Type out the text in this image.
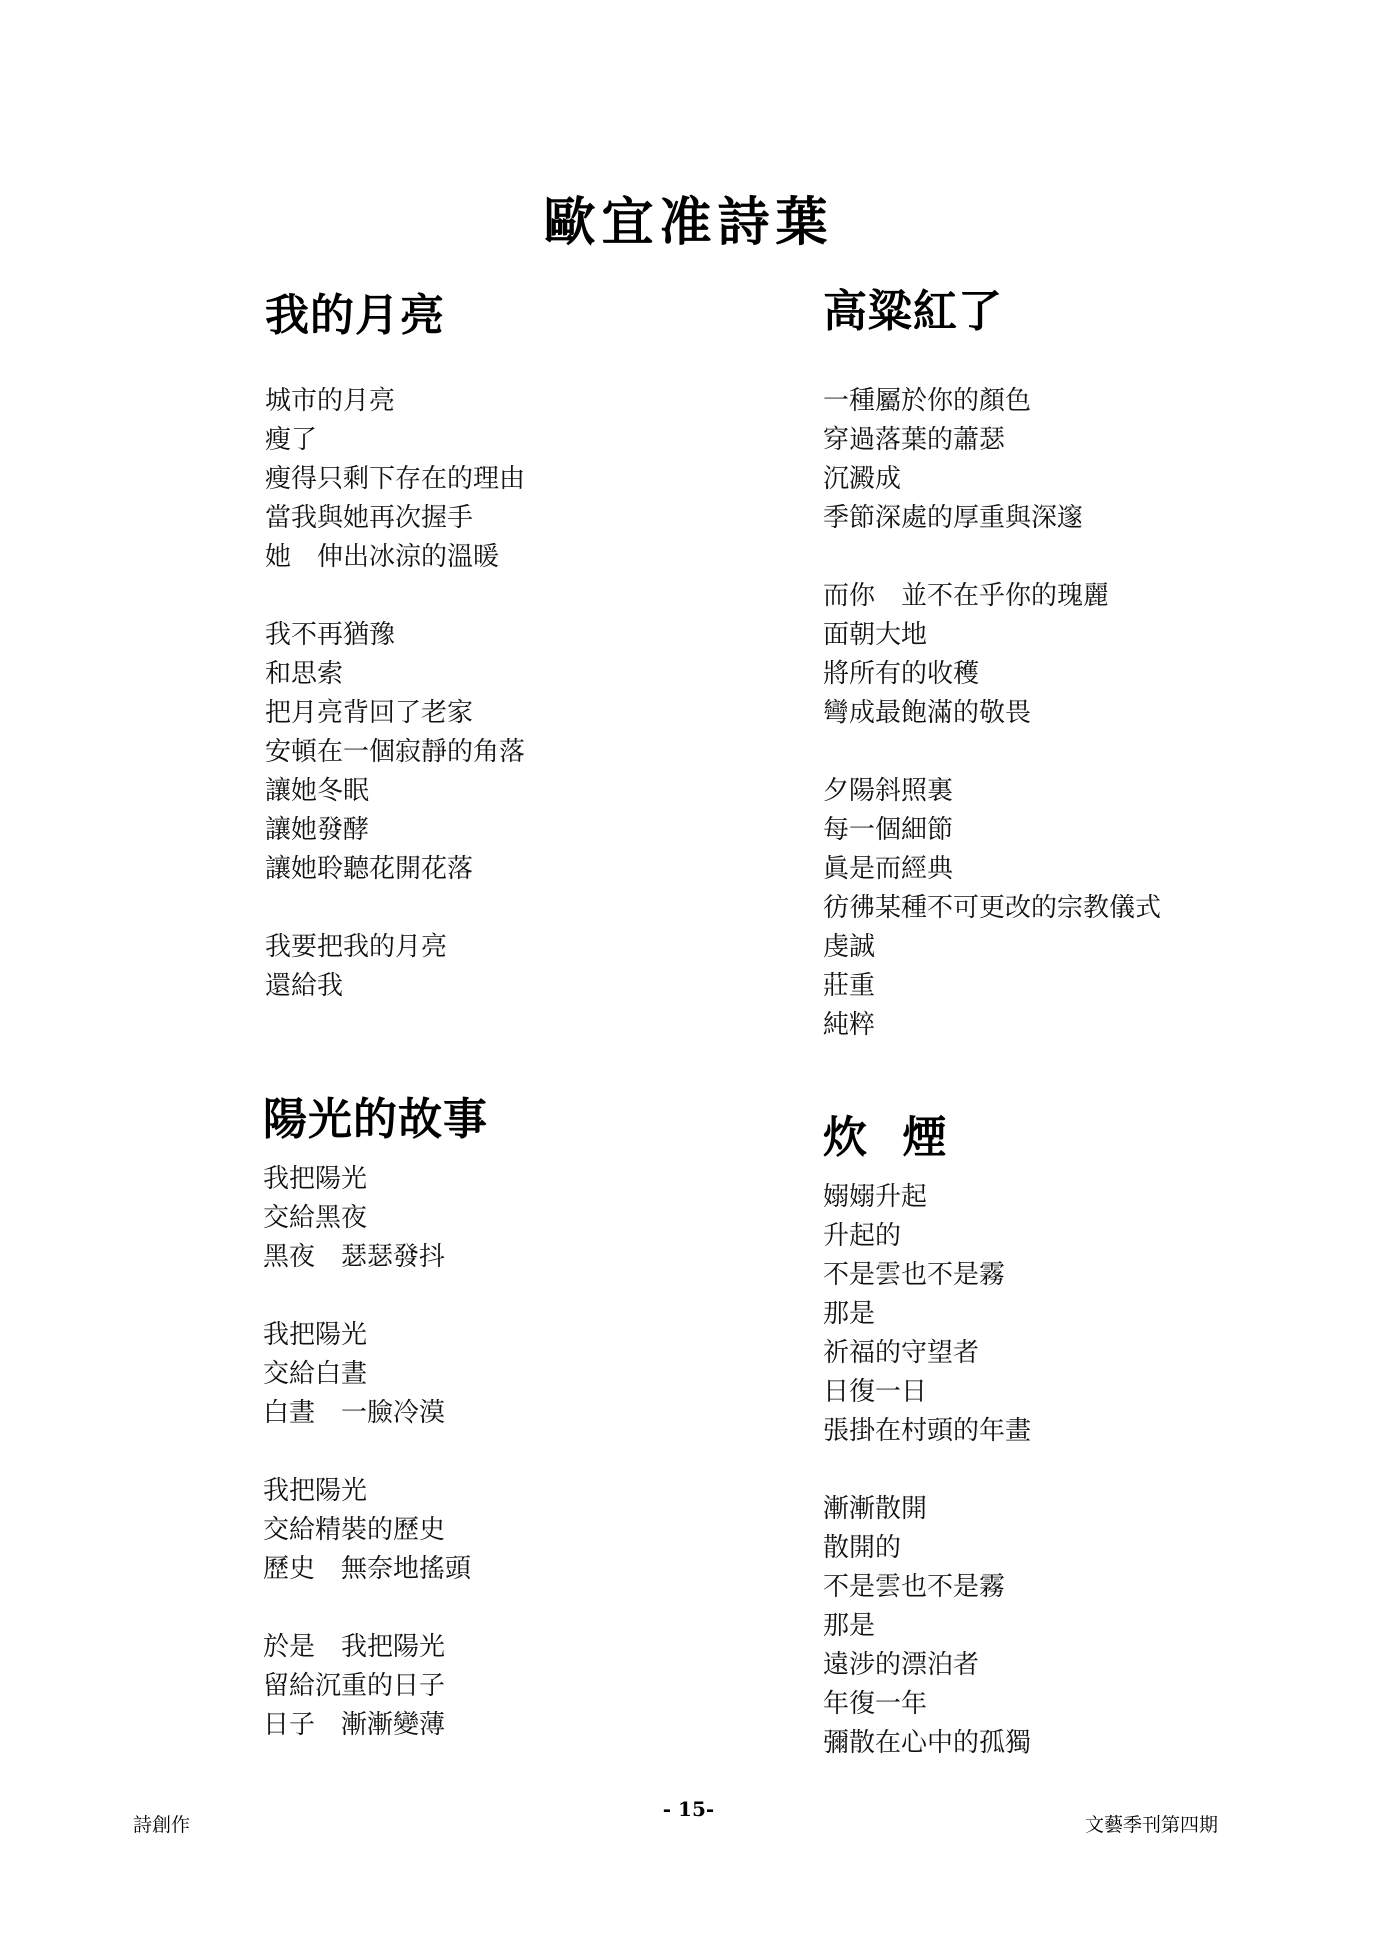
歐宜准詩葉
我的月亮
城市的月亮
瘦了
瘦得只剩下存在的理由
當我與她再次握手
她　伸出冰涼的溫暖
我不再猶豫
和思索
把月亮背回了老家
安頓在一個寂靜的角落
讓她冬眠
讓她發酵
讓她聆聽花開花落
我要把我的月亮
還給我
高粱紅了
一種屬於你的顏色
穿過落葉的蕭瑟
沉澱成
季節深處的厚重與深邃
而你　並不在乎你的瑰麗
面朝大地
將所有的收穫
彎成最飽滿的敬畏
夕陽斜照裏
每一個細節
眞是而經典
彷彿某種不可更改的宗教儀式
虔誠
莊重
純粹
陽光的故事
我把陽光
交給黑夜
黑夜　瑟瑟發抖
我把陽光
交給白晝
白晝　一臉冷漠
我把陽光
交給精裝的歷史
歷史　無奈地搖頭
於是　我把陽光
留給沉重的日子
日子　漸漸變薄
炊 煙
嫋嫋升起
升起的
不是雲也不是霧
那是
祈福的守望者
日復一日
張掛在村頭的年畫
漸漸散開
散開的
不是雲也不是霧
那是
遠涉的漂泊者
年復一年
彌散在心中的孤獨
詩創作
- 15-
文藝季刊第四期
